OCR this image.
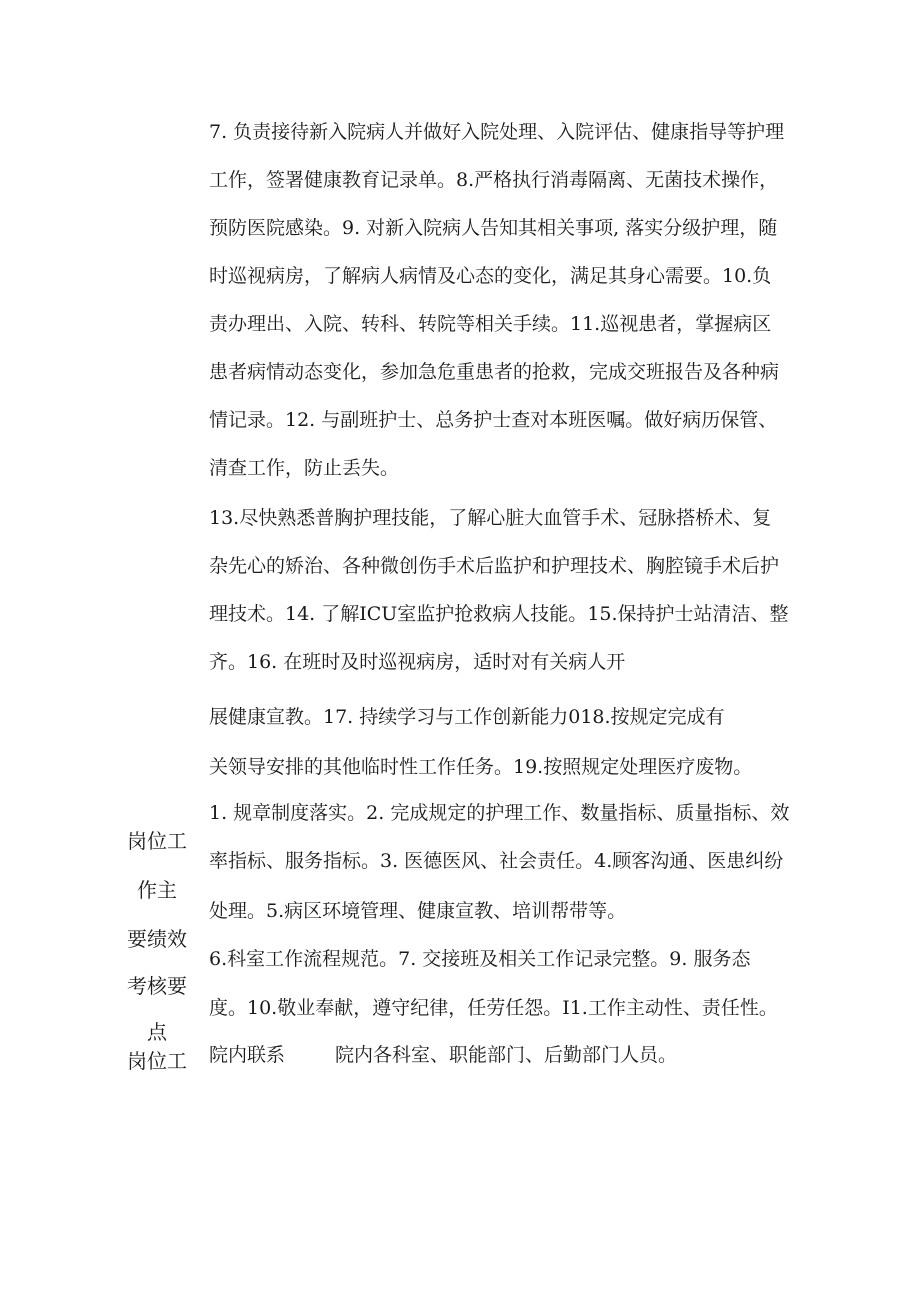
7. 负责接待新入院病人并做好入院处理、入院评估、健康指导等护理

工作，签署健康教育记录单。8.严格执行消毒隔离、无菌技术操作，

预防医院感染。9. 对新入院病人告知其相关事项, 落实分级护理，随

时巡视病房，了解病人病情及心态的变化，满足其身心需要。10.负

责办理出、入院、转科、转院等相关手续。11.巡视患者，掌握病区

患者病情动态变化，参加急危重患者的抢救，完成交班报告及各种病

情记录。12. 与副班护士、总务护士查对本班医嘱。做好病历保管、

清查工作，防止丢失。

13.尽快熟悉普胸护理技能，了解心脏大血管手术、冠脉搭桥术、复

杂先心的矫治、各种微创伤手术后监护和护理技术、胸腔镜手术后护

理技术。14. 了解ICU室监护抢救病人技能。15.保持护士站清洁、整

齐。16. 在班时及时巡视病房，适时对有关病人开

展健康宣教。17. 持续学习与工作创新能力018.按规定完成有

关领导安排的其他临时性工作任务。19.按照规定处理医疗废物。

岗位工
作主
要绩效
考核要
点

1. 规章制度落实。2. 完成规定的护理工作、数量指标、质量指标、效

率指标、服务指标。3. 医德医风、社会责任。4.顾客沟通、医患纠纷

处理。5.病区环境管理、健康宣教、培训帮带等。

6.科室工作流程规范。7. 交接班及相关工作记录完整。9. 服务态

度。10.敬业奉献，遵守纪律，任劳任怨。I1.工作主动性、责任性。

岗位工	院内联系	院内各科室、职能部门、后勤部门人员。
